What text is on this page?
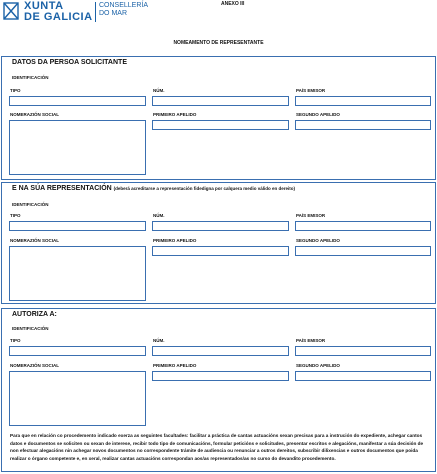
XUNTA
DE GALICIA
CONSELLERÍA
DO MAR
ANEXO III
NOMEAMENTO DE REPRESENTANTE
DATOS DA PERSOA SOLICITANTE
IDENTIFICACIÓN
TIPO	NÚM.	PAÍS EMISOR
NOMERAZIÓN SOCIAL	PRIMEIRO APELIDO	SEGUNDO APELIDO
E NA SÚA REPRESENTACIÓN (deberá acreditarse a representación fidedigna por calquera medio válido en dereito)
IDENTIFICACIÓN
TIPO	NÚM.	PAÍS EMISOR
NOMERAZIÓN SOCIAL	PRIMEIRO APELIDO	SEGUNDO APELIDO
AUTORIZA A:
IDENTIFICACIÓN
TIPO	NÚM.	PAÍS EMISOR
NOMERAZIÓN SOCIAL	PRIMEIRO APELIDO	SEGUNDO APELIDO
Para que en relación co procedemento indicado exerza as seguintes facultades: facilitar a práctica de cantas actuacións sexan precisas para a instrución do expediente, achegar cantos datos e documentos se soliciten ou sexan de interese, recibir todo tipo de comunicacións, formular peticións e solicitudes, presentar escritos e alegacións, manifestar a súa decisión de non efectuar alegacións nin achegar novos documentos no correspondente trámite de audiencia ou renunciar a outros dereitos, subscribir dilixencias e outros documentos que poida realizar o órgano competente e, en xeral, realizar cantas actuacións correspondan aos/as representados/as no curso do devandito procedemento.
